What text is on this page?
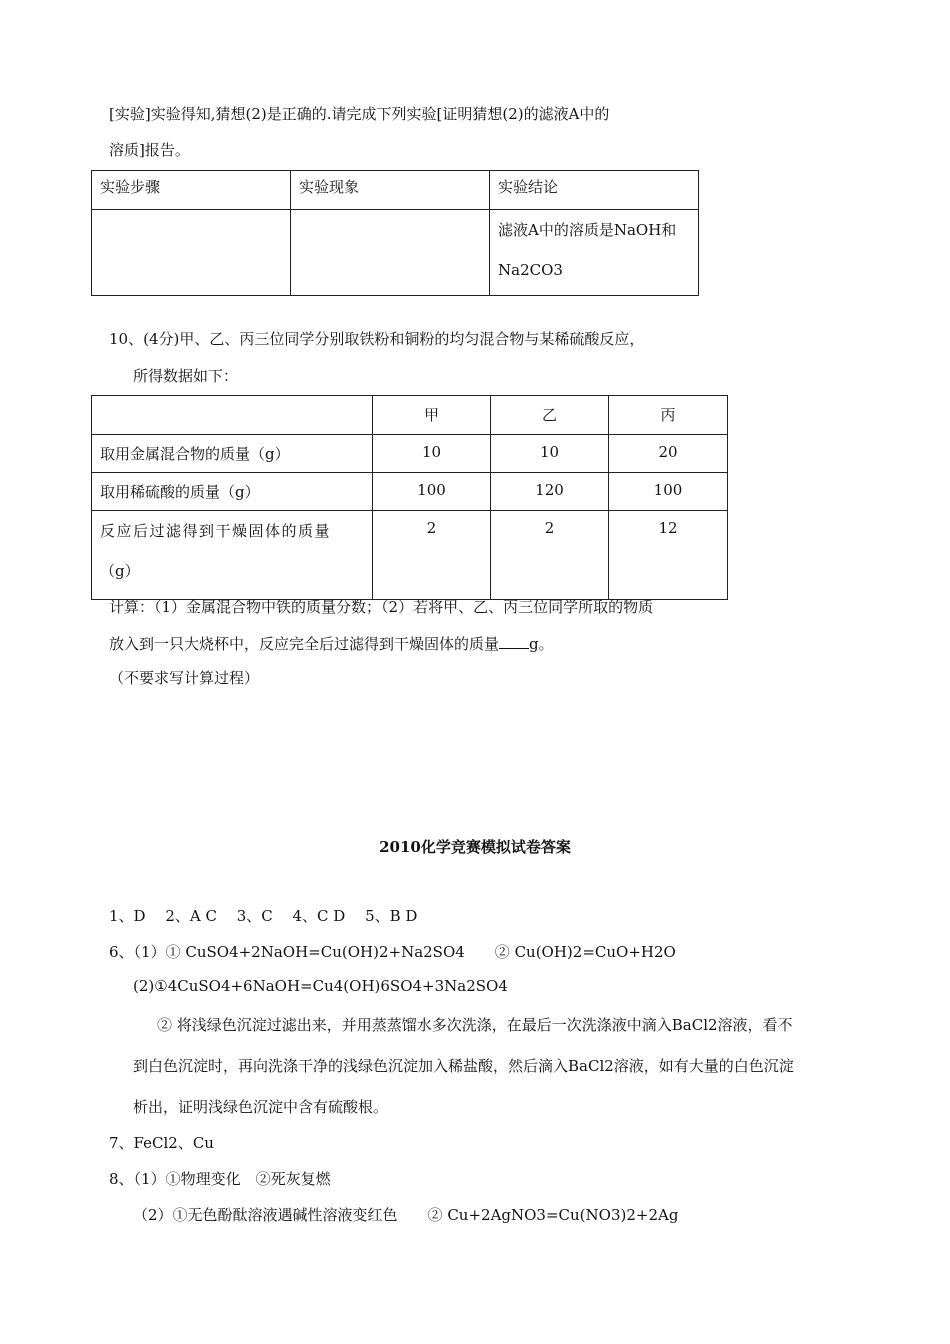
[实验]实验得知,猜想(2)是正确的.请完成下列实验[证明猜想(2)的滤液A中的
溶质]报告。
实验步骤	实验现象	实验结论

		滤液A中的溶质是NaOH和
Na2CO3
10、(4分)甲、乙、丙三位同学分别取铁粉和铜粉的均匀混合物与某稀硫酸反应，
所得数据如下：
	甲	乙	丙
取用金属混合物的质量（g）	10	10	20
取用稀硫酸的质量（g）	100	120	100

反应后过滤得到干燥固体的质量
（g）	2	2	12
计算：（1）金属混合物中铁的质量分数；（2）若将甲、乙、丙三位同学所取的物质
放入到一只大烧杯中，反应完全后过滤得到干燥固体的质量 g。
（不要求写计算过程）
2010化学竞赛模拟试卷答案
1、D　 2、A C　 3、C　 4、C D　 5、B D
6、（1）① CuSO4+2NaOH=Cu(OH)2+Na2SO4　　② Cu(OH)2=CuO+H2O
(2)①4CuSO4+6NaOH=Cu4(OH)6SO4+3Na2SO4
② 将浅绿色沉淀过滤出来，并用蒸蒸馏水多次洗涤，在最后一次洗涤液中滴入BaCl2溶液，看不
到白色沉淀时，再向洗涤干净的浅绿色沉淀加入稀盐酸，然后滴入BaCl2溶液，如有大量的白色沉淀
析出，证明浅绿色沉淀中含有硫酸根。
7、FeCl2、Cu
8、（1）①物理变化　②死灰复燃
（2）①无色酚酞溶液遇碱性溶液变红色　　② Cu+2AgNO3=Cu(NO3)2+2Ag
